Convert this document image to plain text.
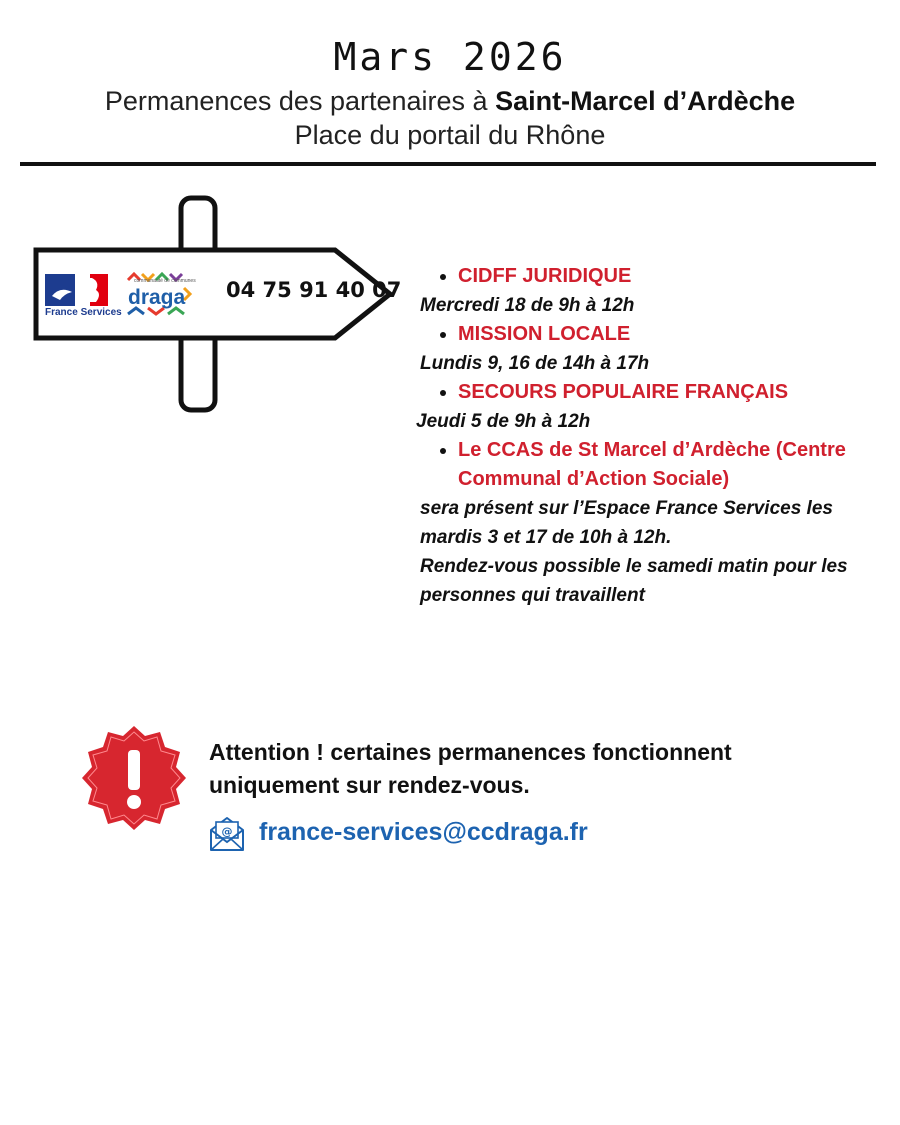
Mars 2026
Permanences des partenaires à Saint-Marcel d’Ardèche
Place du portail du Rhône
France Services
communauté de communes
draga 04 75 91 40 07
CIDFF JURIDIQUE
Mercredi 18 de 9h à 12h
MISSION LOCALE
Lundis 9, 16 de 14h à 17h
SECOURS POPULAIRE FRANÇAIS
Jeudi 5 de 9h à 12h
Le CCAS de St Marcel d’Ardèche (Centre Communal d’Action Sociale)
sera présent sur l’Espace France Services les mardis 3 et 17 de 10h à 12h.
Rendez-vous possible le samedi matin pour les personnes qui travaillent
Attention ! certaines permanences fonctionnent uniquement sur rendez-vous.
@ france-services@ccdraga.fr
